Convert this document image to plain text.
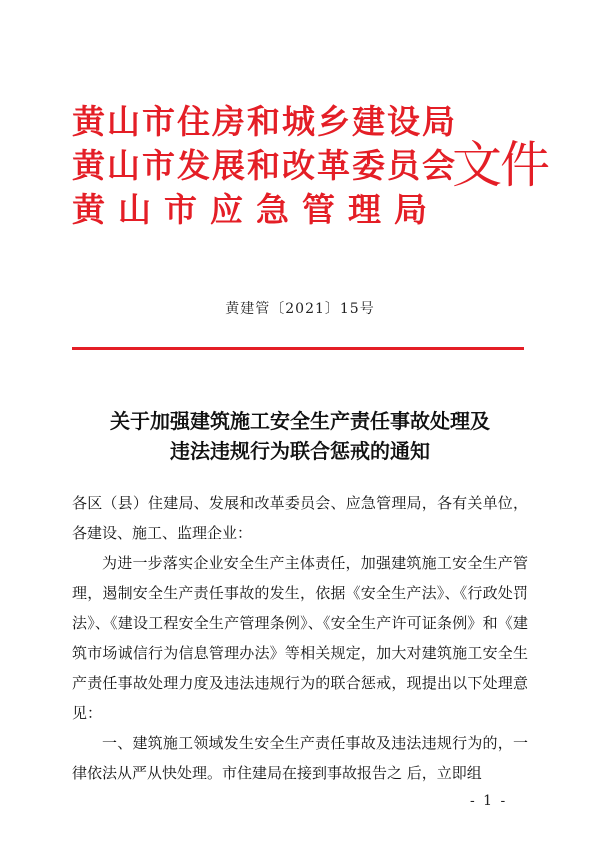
黄山市住房和城乡建设局
黄山市发展和改革委员会
黄山市应急管理局
文件
黄建管〔2021〕15号
关于加强建筑施工安全生产责任事故处理及
违法违规行为联合惩戒的通知

各区（县）住建局、发展和改革委员会、应急管理局，各有关单位，各建设、施工、监理企业：

为进一步落实企业安全生产主体责任，加强建筑施工安全生产管理，遏制安全生产责任事故的发生，依据《安全生产法》、《行政处罚法》、《建设工程安全生产管理条例》、《安全生产许可证条例》和《建筑市场诚信行为信息管理办法》等相关规定，加大对建筑施工安全生产责任事故处理力度及违法违规行为的联合惩戒，现提出以下处理意见：

一、建筑施工领域发生安全生产责任事故及违法违规行为的，一律依法从严从快处理。市住建局在接到事故报告之 后，立即组

- 1 -
